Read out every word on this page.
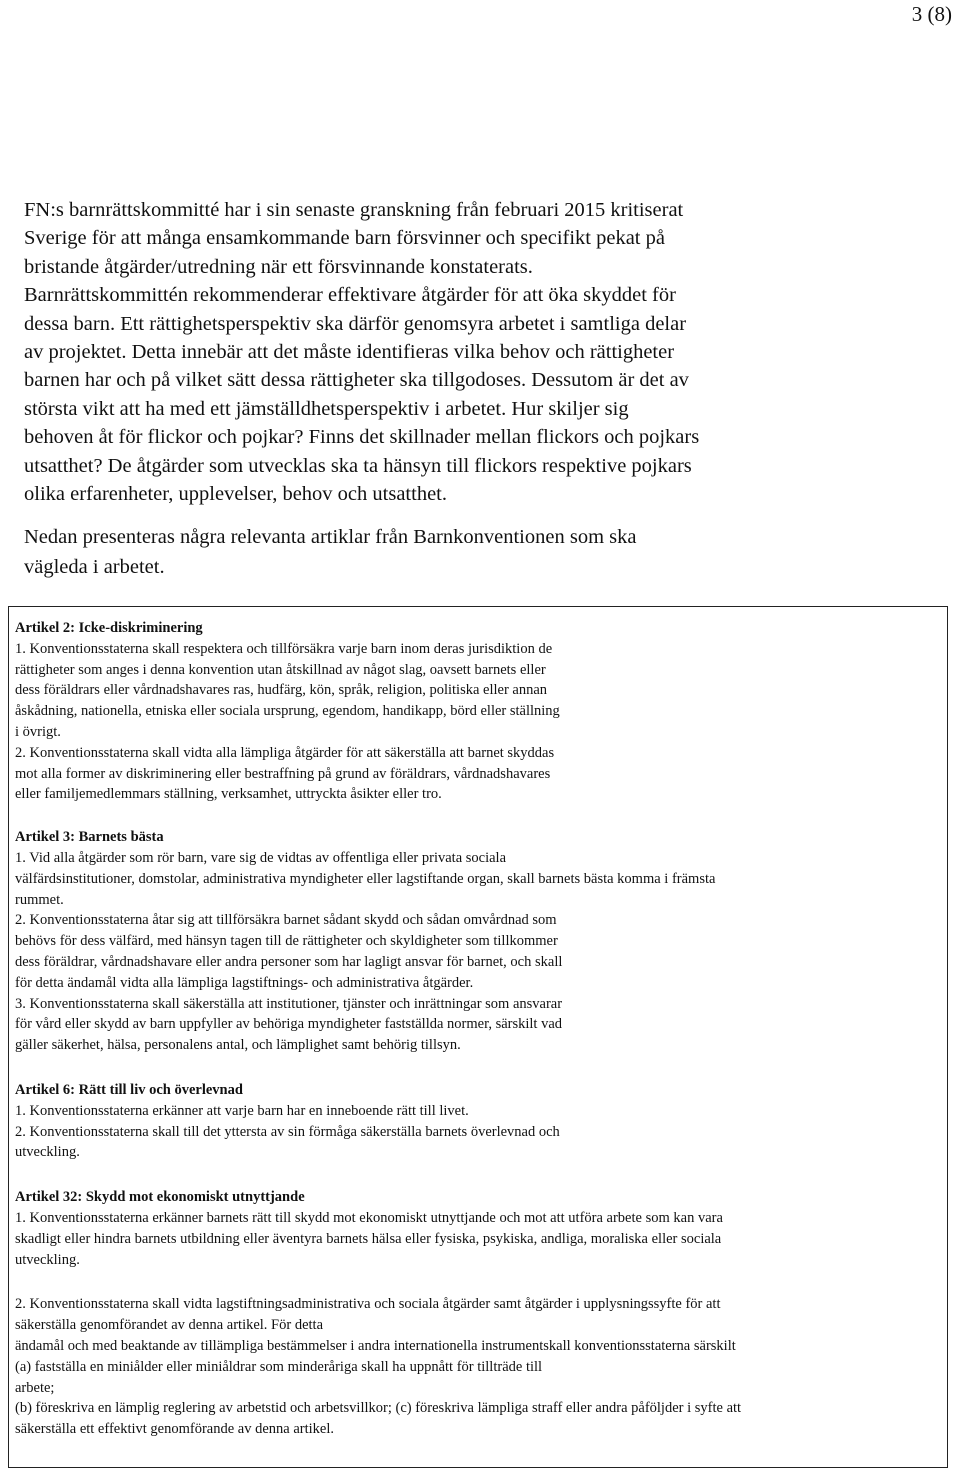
3 (8)

FN:s barnrättskommitté har i sin senaste granskning från februari 2015 kritiserat
Sverige för att många ensamkommande barn försvinner och specifikt pekat på
bristande åtgärder/utredning när ett försvinnande konstaterats.
Barnrättskommittén rekommenderar effektivare åtgärder för att öka skyddet för
dessa barn. Ett rättighetsperspektiv ska därför genomsyra arbetet i samtliga delar
av projektet. Detta innebär att det måste identifieras vilka behov och rättigheter
barnen har och på vilket sätt dessa rättigheter ska tillgodoses. Dessutom är det av
största vikt att ha med ett jämställdhetsperspektiv i arbetet. Hur skiljer sig
behoven åt för flickor och pojkar? Finns det skillnader mellan flickors och pojkars
utsatthet? De åtgärder som utvecklas ska ta hänsyn till flickors respektive pojkars
olika erfarenheter, upplevelser, behov och utsatthet.

Nedan presenteras några relevanta artiklar från Barnkonventionen som ska
vägleda i arbetet.

Artikel 2: Icke-diskriminering
1. Konventionsstaterna skall respektera och tillförsäkra varje barn inom deras jurisdiktion de
rättigheter som anges i denna konvention utan åtskillnad av något slag, oavsett barnets eller
dess föräldrars eller vårdnadshavares ras, hudfärg, kön, språk, religion, politiska eller annan
åskådning, nationella, etniska eller sociala ursprung, egendom, handikapp, börd eller ställning
i övrigt.
2. Konventionsstaterna skall vidta alla lämpliga åtgärder för att säkerställa att barnet skyddas
mot alla former av diskriminering eller bestraffning på grund av föräldrars, vårdnadshavares
eller familjemedlemmars ställning, verksamhet, uttryckta åsikter eller tro.
Artikel 3: Barnets bästa
1. Vid alla åtgärder som rör barn, vare sig de vidtas av offentliga eller privata sociala
välfärdsinstitutioner, domstolar, administrativa myndigheter eller lagstiftande organ, skall barnets bästa komma i främsta
rummet.
2. Konventionsstaterna åtar sig att tillförsäkra barnet sådant skydd och sådan omvårdnad som
behövs för dess välfärd, med hänsyn tagen till de rättigheter och skyldigheter som tillkommer
dess föräldrar, vårdnadshavare eller andra personer som har lagligt ansvar för barnet, och skall
för detta ändamål vidta alla lämpliga lagstiftnings- och administrativa åtgärder.
3. Konventionsstaterna skall säkerställa att institutioner, tjänster och inrättningar som ansvarar
för vård eller skydd av barn uppfyller av behöriga myndigheter fastställda normer, särskilt vad
gäller säkerhet, hälsa, personalens antal, och lämplighet samt behörig tillsyn.
Artikel 6: Rätt till liv och överlevnad
1. Konventionsstaterna erkänner att varje barn har en inneboende rätt till livet.
2. Konventionsstaterna skall till det yttersta av sin förmåga säkerställa barnets överlevnad och
utveckling.
Artikel 32: Skydd mot ekonomiskt utnyttjande
1. Konventionsstaterna erkänner barnets rätt till skydd mot ekonomiskt utnyttjande och mot att utföra arbete som kan vara
skadligt eller hindra barnets utbildning eller äventyra barnets hälsa eller fysiska, psykiska, andliga, moraliska eller sociala
utveckling.
2. Konventionsstaterna skall vidta lagstiftningsadministrativa och sociala åtgärder samt åtgärder i upplysningssyfte för att
säkerställa genomförandet av denna artikel. För detta
ändamål och med beaktande av tillämpliga bestämmelser i andra internationella instrumentskall konventionsstaterna särskilt
(a) fastställa en miniålder eller miniåldrar som minderåriga skall ha uppnått för tillträde till
arbete;
(b) föreskriva en lämplig reglering av arbetstid och arbetsvillkor; (c) föreskriva lämpliga straff eller andra påföljder i syfte att
säkerställa ett effektivt genomförande av denna artikel.
